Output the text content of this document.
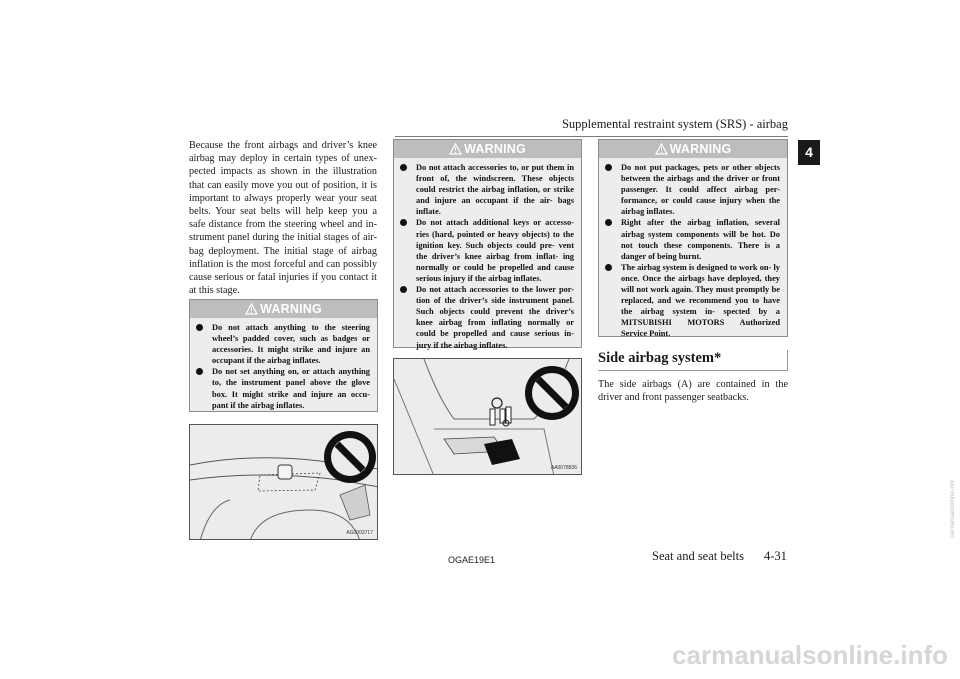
Supplemental restraint system (SRS) - airbag
4
Because the front airbags and driver’s knee airbag may deploy in certain types of unex- pected impacts as shown in the illustration that can easily move you out of position, it is important to always properly wear your seat belts. Your seat belts will help keep you a safe distance from the steering wheel and in- strument panel during the initial stages of air- bag deployment. The initial stage of airbag inflation is the most forceful and can possibly cause serious or fatal injuries if you contact it at this stage.
WARNING
Do not attach anything to the steering wheel’s padded cover, such as badges or accessories. It might strike and injure an occupant if the airbag inflates.
Do not set anything on, or attach anything to, the instrument panel above the glove box. It might strike and injure an occu- pant if the airbag inflates.
AG0003717
WARNING
Do not attach accessories to, or put them in front of, the windscreen. These objects could restrict the airbag inflation, or strike and injure an occupant if the air- bags inflate.
Do not attach additional keys or accesso- ries (hard, pointed or heavy objects) to the ignition key. Such objects could pre- vent the driver’s knee airbag from inflat- ing normally or could be propelled and cause serious injury if the airbag inflates.
Do not attach accessories to the lower por- tion of the driver’s side instrument panel. Such objects could prevent the driver’s knee airbag from inflating normally or could be propelled and cause serious in- jury if the airbag inflates.
AA0078836
WARNING
Do not put packages, pets or other objects between the airbags and the driver or front passenger. It could affect airbag per- formance, or could cause injury when the airbag inflates.
Right after the airbag inflation, several airbag system components will be hot. Do not touch these components. There is a danger of being burnt.
The airbag system is designed to work on- ly once. Once the airbags have deployed, they will not work again. They must promptly be replaced, and we recommend you to have the airbag system in- spected by a MITSUBISHI MOTORS Authorized Service Point.
Side airbag system*
The side airbags (A) are contained in the driver and front passenger seatbacks.
OGAE19E1	Seat and seat belts 4-31
carmanualsonline.info
carmanualsonline.info
